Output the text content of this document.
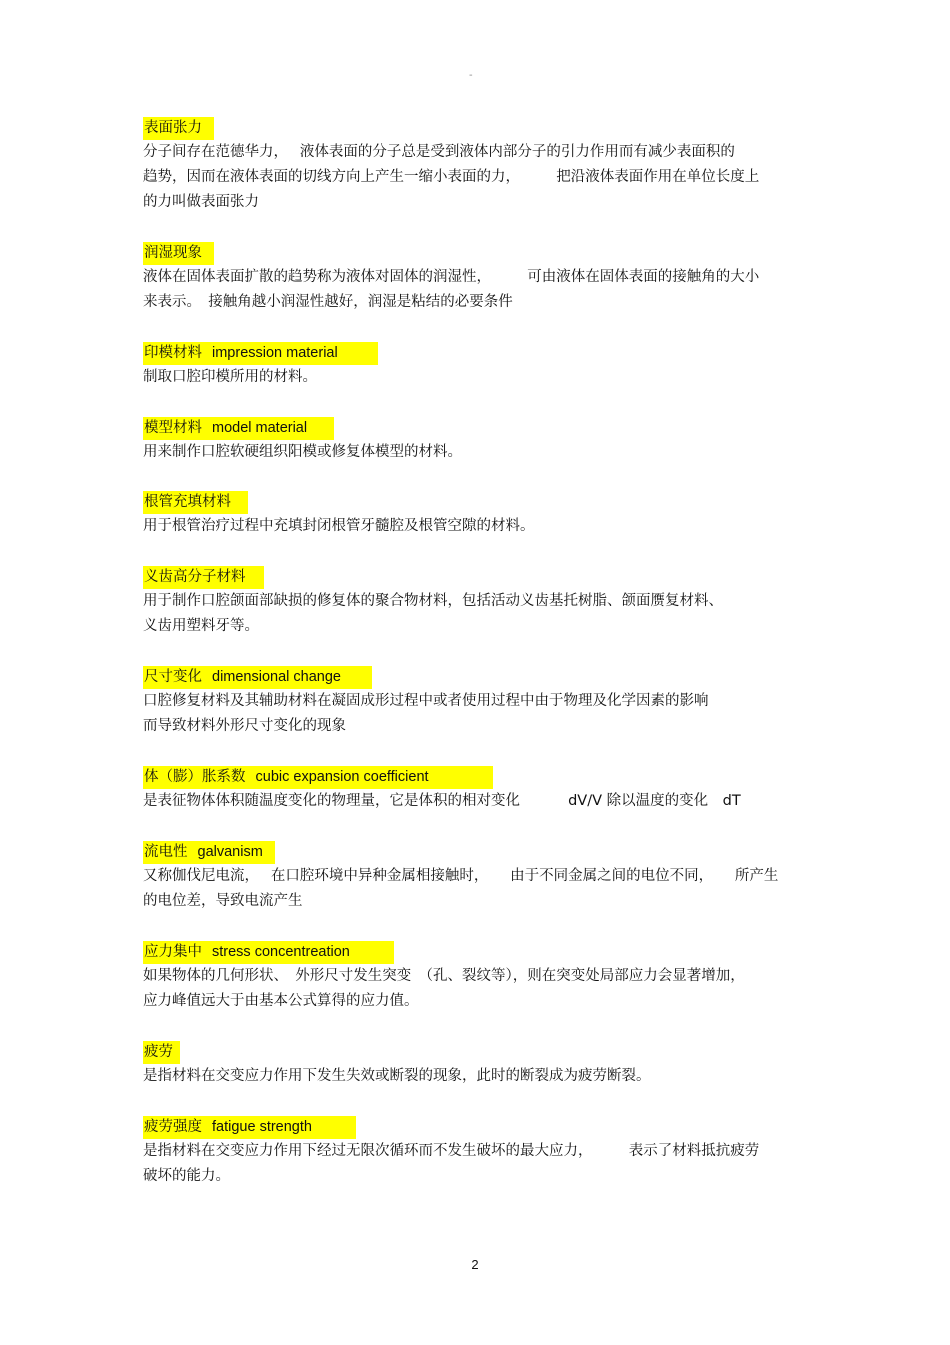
-
表面张力
分子间存在范德华力，　 液体表面的分子总是受到液体内部分子的引力作用而有减少表面积的
趋势，因而在液体表面的切线方向上产生一缩小表面的力，　　　把沿液体表面作用在单位长度上
的力叫做表面张力
润湿现象
液体在固体表面扩散的趋势称为液体对固体的润湿性，　　　可由液体在固体表面的接触角的大小
来表示。　接触角越小润湿性越好，润湿是粘结的必要条件
印模材料 impression material
制取口腔印模所用的材料。
模型材料 model material
用来制作口腔软硬组织阳模或修复体模型的材料。
根管充填材料
用于根管治疗过程中充填封闭根管牙髓腔及根管空隙的材料。
义齿高分子材料
用于制作口腔颌面部缺损的修复体的聚合物材料，包括活动义齿基托树脂、颌面赝复材料、
义齿用塑料牙等。
尺寸变化 dimensional change
口腔修复材料及其辅助材料在凝固成形过程中或者使用过程中由于物理及化学因素的影响
而导致材料外形尺寸变化的现象
体（膨）胀系数 cubic expansion coefficient
是表征物体体积随温度变化的物理量，它是体积的相对变化　　　 dV/V 除以温度的变化　dT
流电性 galvanism
又称伽伐尼电流，　 在口腔环境中异种金属相接触时，　　由于不同金属之间的电位不同，　　所产生
的电位差，导致电流产生
应力集中 stress concentreation
如果物体的几何形状、　外形尺寸发生突变　（孔、裂纹等），则在突变处局部应力会显著增加，
应力峰值远大于由基本公式算得的应力值。
疲劳
是指材料在交变应力作用下发生失效或断裂的现象，此时的断裂成为疲劳断裂。
疲劳强度 fatigue strength
是指材料在交变应力作用下经过无限次循环而不发生破坏的最大应力，　　　表示了材料抵抗疲劳
破坏的能力。
2
